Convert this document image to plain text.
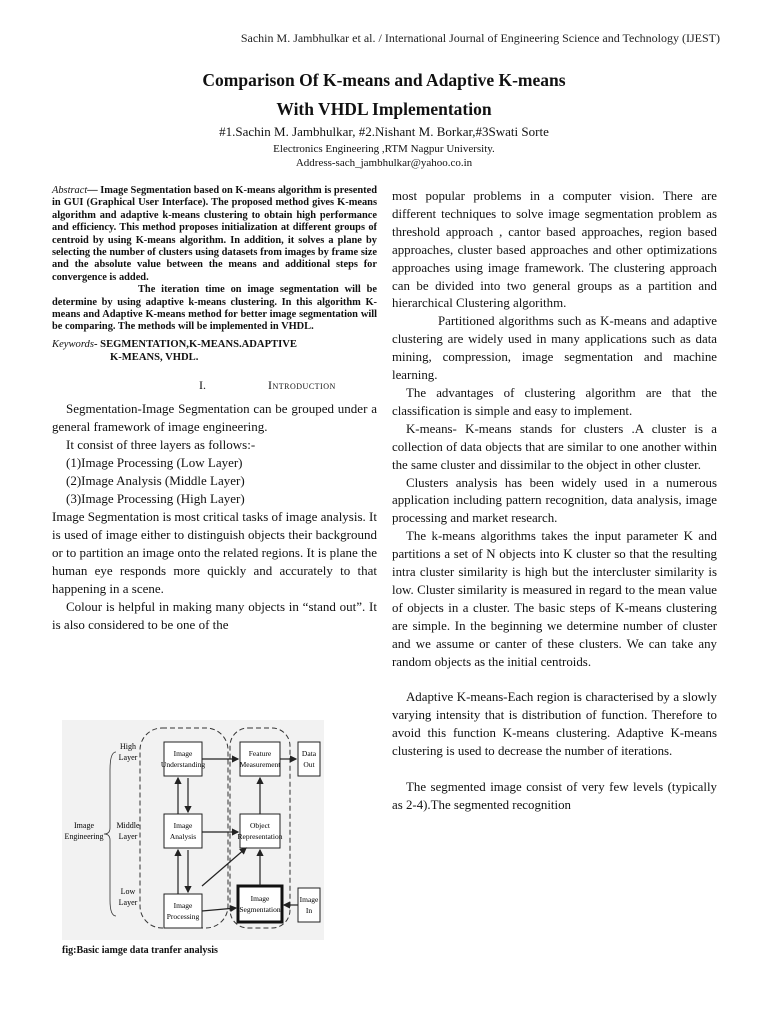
Sachin M. Jambhulkar et al. / International Journal of Engineering Science and Technology (IJEST)
Comparison Of K-means and Adaptive K-means
With VHDL Implementation
#1.Sachin M. Jambhulkar, #2.Nishant M. Borkar,#3Swati Sorte
Electronics Engineering ,RTM Nagpur University.
Address-sach_jambhulkar@yahoo.co.in

Abstract— Image Segmentation based on K-means algorithm is presented in GUI (Graphical User Interface). The proposed method gives K-means algorithm and adaptive k-means clustering to obtain high performance and efficiency. This method proposes initialization at different groups of centroid by using K-means algorithm. In addition, it solves a plane by selecting the number of clusters using datasets from images by frame size and the absolute value between the means and additional steps for convergence is added.

The iteration time on image segmentation will be determine by using adaptive k-means clustering. In this algorithm K-means and Adaptive K-means method for better image segmentation will be comparing. The methods will be implemented in VHDL.

Keywords- SEGMENTATION,K-MEANS.ADAPTIVE
K-MEANS, VHDL.

I.	Introduction

Segmentation-Image Segmentation can be grouped under a general framework of image engineering.

It consist of three layers as follows:-

(1)Image Processing (Low Layer)
(2)Image Analysis (Middle Layer)
(3)Image Processing (High Layer)

Image Segmentation is most critical tasks of image analysis. It is used of image either to distinguish objects their background or to partition an image onto the related regions. It is plane the human eye responds more quickly and accurately to that happening in a scene.

Colour is helpful in making many objects in “stand out”. It is also considered to be one of the

High
Layer
Middle
Layer
Low
Layer
Image
Engineering
Image
Understanding
Image
Analysis
Image
Processing
Feature
Measurement
Object
Representation
Image
Segmentation
Data
Out
Image
In
fig:Basic iamge data tranfer analysis

most popular problems in a computer vision. There are different techniques to solve image segmentation problem as threshold approach , cantor based approaches, region based approaches, cluster based approaches and other optimizations approaches using image framework. The clustering approach can be divided into two general groups as a partition and hierarchical Clustering algorithm.

Partitioned algorithms such as K-means and adaptive clustering are widely used in many applications such as data mining, compression, image segmentation and machine learning.

The advantages of clustering algorithm are that the classification is simple and easy to implement.

K-means- K-means stands for clusters .A cluster is a collection of data objects that are similar to one another within the same cluster and dissimilar to the object in other cluster.

Clusters analysis has been widely used in a numerous application including pattern recognition, data analysis, image processing and market research.

The k-means algorithms takes the input parameter K and partitions a set of N objects into K cluster so that the resulting intra cluster similarity is high but the intercluster similarity is low. Cluster similarity is measured in regard to the mean value of objects in a cluster. The basic steps of K-means clustering are simple. In the beginning we determine number of cluster and we assume or canter of these clusters. We can take any random objects as the initial centroids.

Adaptive K-means-Each region is characterised by a slowly varying intensity that is distribution of function. Therefore to avoid this function K-means clustering. Adaptive K-means clustering is used to decrease the number of iterations.

The segmented image consist of very few levels (typically as 2-4).The segmented recognition
